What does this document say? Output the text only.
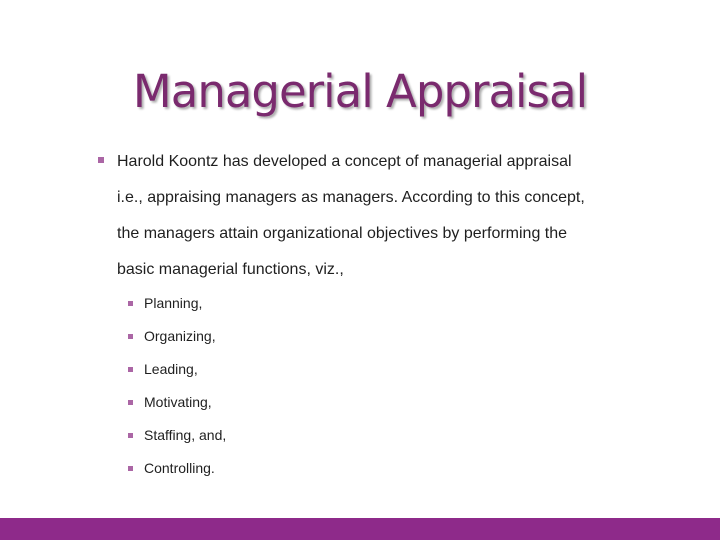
Managerial Appraisal
Harold Koontz has developed a concept of managerial appraisal
i.e., appraising managers as managers. According to this concept,
the managers attain organizational objectives by performing the
basic managerial functions, viz.,
Planning,
Organizing,
Leading,
Motivating,
Staffing, and,
Controlling.
